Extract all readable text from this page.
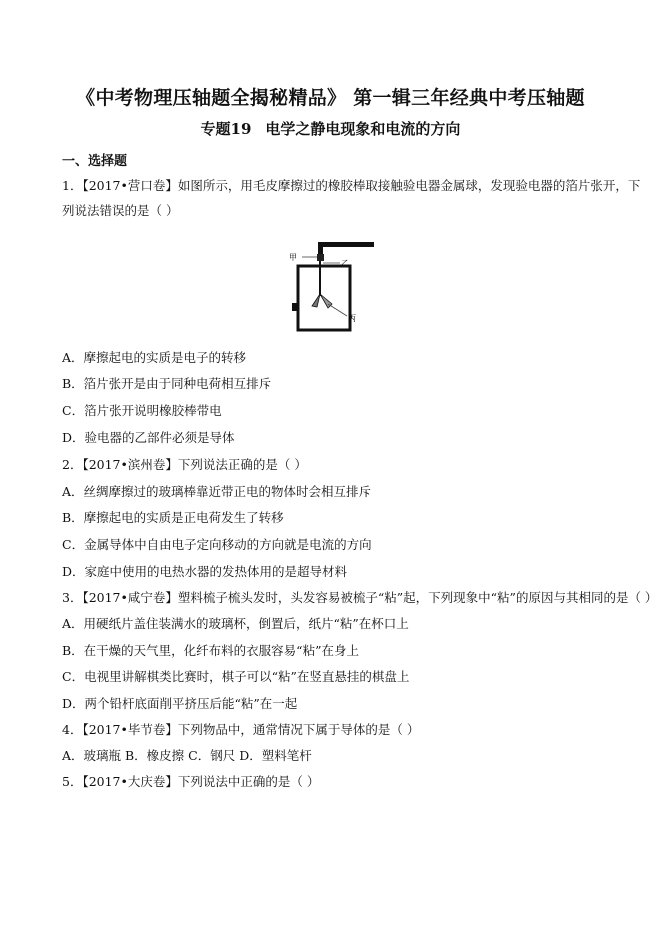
《中考物理压轴题全揭秘精品》 第一辑三年经典中考压轴题
专题19 电学之静电现象和电流的方向
一、选择题
1．【2017•营口卷】如图所示，用毛皮摩擦过的橡胶棒取接触验电器金属球，发现验电器的箔片张开，下
列说法错误的是（ ）
甲
乙
丙
A．摩擦起电的实质是电子的转移
B．箔片张开是由于同种电荷相互排斥
C．箔片张开说明橡胶棒带电
D．验电器的乙部件必须是导体
2．【2017•滨州卷】下列说法正确的是（ ）
A．丝绸摩擦过的玻璃棒靠近带正电的物体时会相互排斥
B．摩擦起电的实质是正电荷发生了转移
C．金属导体中自由电子定向移动的方向就是电流的方向
D．家庭中使用的电热水器的发热体用的是超导材料
3．【2017•咸宁卷】塑料梳子梳头发时，头发容易被梳子“粘”起，下列现象中“粘”的原因与其相同的是（ ）
A．用硬纸片盖住装满水的玻璃杯，倒置后，纸片“粘”在杯口上
B．在干燥的天气里，化纤布料的衣服容易“粘”在身上
C．电视里讲解棋类比赛时，棋子可以“粘”在竖直悬挂的棋盘上
D．两个铅杆底面削平挤压后能“粘”在一起
4．【2017•毕节卷】下列物品中，通常情况下属于导体的是（ ）
A．玻璃瓶 B．橡皮擦 C．钢尺 D．塑料笔杆
5．【2017•大庆卷】下列说法中正确的是（ ）
